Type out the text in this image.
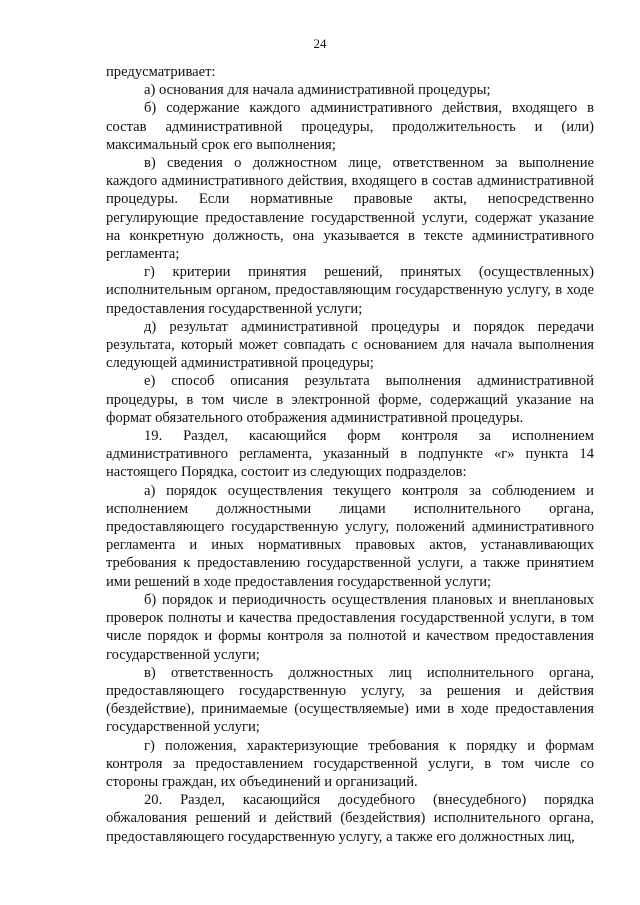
24

предусматривает:

а) основания для начала административной процедуры;

б) содержание каждого административного действия, входящего в состав административной процедуры, продолжительность и (или) максимальный срок его выполнения;

в) сведения о должностном лице, ответственном за выполнение каждого административного действия, входящего в состав административной процедуры. Если нормативные правовые акты, непосредственно регулирующие предоставление государственной услуги, содержат указание на конкретную должность, она указывается в тексте административного регламента;

г) критерии принятия решений, принятых (осуществленных) исполнительным органом, предоставляющим государственную услугу, в ходе предоставления государственной услуги;

д) результат административной процедуры и порядок передачи результата, который может совпадать с основанием для начала выполнения следующей административной процедуры;

е) способ описания результата выполнения административной процедуры, в том числе в электронной форме, содержащий указание на формат обязательного отображения административной процедуры.

19. Раздел, касающийся форм контроля за исполнением административного регламента, указанный в подпункте «г» пункта 14 настоящего Порядка, состоит из следующих подразделов:

а) порядок осуществления текущего контроля за соблюдением и исполнением должностными лицами исполнительного органа, предоставляющего государственную услугу, положений административного регламента и иных нормативных правовых актов, устанавливающих требования к предоставлению государственной услуги, а также принятием ими решений в ходе предоставления государственной услуги;

б) порядок и периодичность осуществления плановых и внеплановых проверок полноты и качества предоставления государственной услуги, в том числе порядок и формы контроля за полнотой и качеством предоставления государственной услуги;

в) ответственность должностных лиц исполнительного органа, предоставляющего государственную услугу, за решения и действия (бездействие), принимаемые (осуществляемые) ими в ходе предоставления государственной услуги;

г) положения, характеризующие требования к порядку и формам контроля за предоставлением государственной услуги, в том числе со стороны граждан, их объединений и организаций.

20. Раздел, касающийся досудебного (внесудебного) порядка обжалования решений и действий (бездействия) исполнительного органа, предоставляющего государственную услугу, а также его должностных лиц,
